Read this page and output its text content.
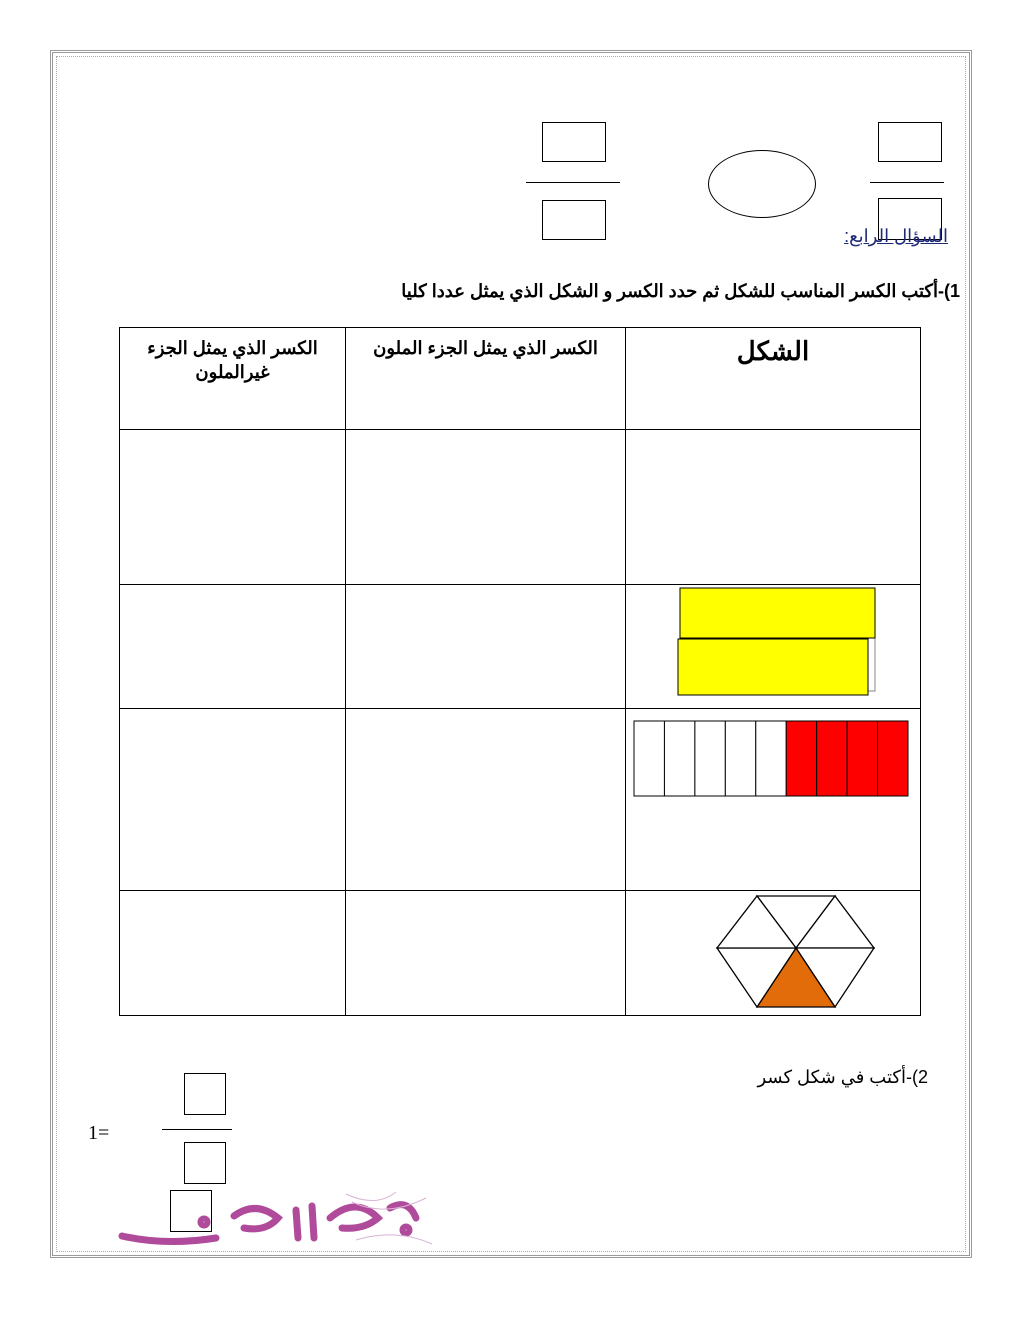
السؤال الرابع:
1)-أكتب الكسر المناسب للشكل ثم حدد الكسر و الشكل الذي يمثل عددا كليا
الكسر الذي يمثل الجزء غيرالملون	الكسر الذي يمثل الجزء الملون	الشكل

2)-أكتب في شكل كسر
1=
